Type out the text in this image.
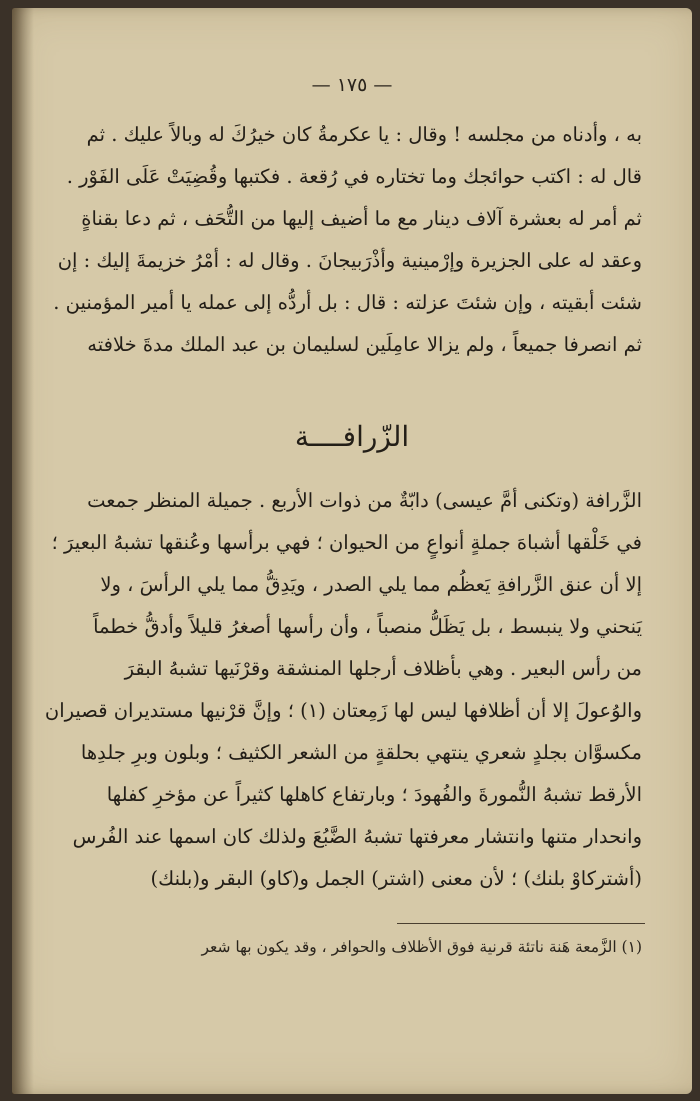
— ١٧٥ —
به ، وأدناه من مجلسه ! وقال : يا عكرمةُ كان خيرُكَ له وبالاً عليك . ثم
قال له : اكتب حوائجك وما تختاره في رُقعة . فكتبها وقُضِيَتْ عَلَى الفَوْر .
ثم أمر له بعشرة آلاف دينار مع ما أضيف إليها من التُّحَف ، ثم دعا بقناةٍ
وعقد له على الجزيرة وإرْمينية وأذْرَبيجانَ . وقال له : أمْرُ خزيمةَ إليك : إن
شئت أبقيته ، وإن شئتَ عزلته : قال : بل أردُّه إلى عمله يا أمير المؤمنين .
ثم انصرفا جميعاً ، ولم يزالا عامِلَين لسليمان بن عبد الملك مدةَ خلافته
الزّرافــــة
الزَّرافة (وتكنى أمَّ عيسى) دابّةٌ من ذوات الأربع . جميلة المنظر جمعت
في خَلْقها أشباهَ جملةٍ أنواعٍ من الحيوان ؛ فهي برأسها وعُنقها تشبهُ البعيرَ ؛
إلا أن عنق الزَّرافةِ يَعظُم مما يلي الصدر ، ويَدِقُّ مما يلي الرأسَ ، ولا
يَنحني ولا ينبسط ، بل يَظَلُّ منصباً ، وأن رأسها أصغرُ قليلاً وأدقُّ خطماً
من رأس البعير . وهي بأظلاف أرجلها المنشقة وقرْنَيها تشبهُ البقرَ
والوُعولَ إلا أن أظلافها ليس لها زَمِعتان (١) ؛ وإنَّ قرْنيها مستديران قصيران
مكسوَّان بجلدٍ شعري ينتهي بحلقةٍ من الشعر الكثيف ؛ وبلون وبرِ جلدِها
الأرقط تشبهُ النُّمورةَ والفُهودَ ؛ وبارتفاع كاهلها كثيراً عن مؤخرِ كفلها
وانحدار متنها وانتشار معرفتها تشبهُ الضَّبُعَ ولذلك كان اسمها عند الفُرس
(أشتركاوْ بلنك) ؛ لأن معنى (اشتر) الجمل و(كاو) البقر و(بلنك)
(١) الزَّمعة هَنة ناتئة قرنية فوق الأظلاف والحوافر ، وقد يكون بها شعر
